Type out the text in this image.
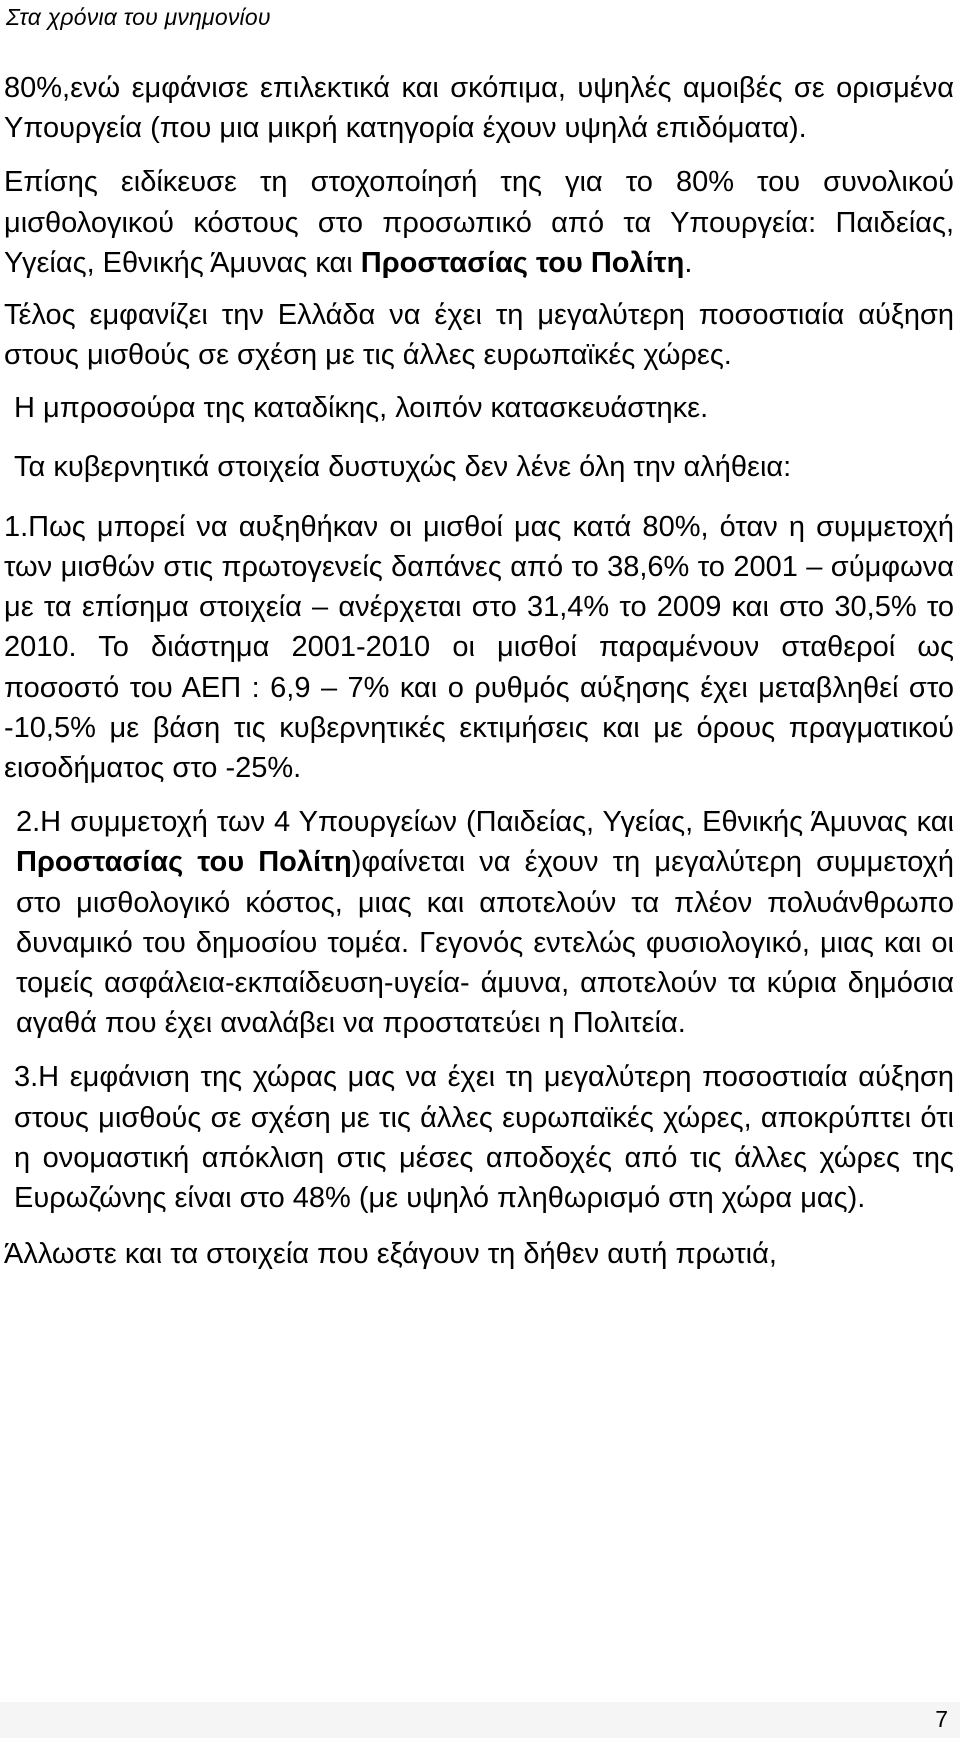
Στα χρόνια του μνημονίου

80%,ενώ εμφάνισε επιλεκτικά και σκόπιμα, υψηλές αμοιβές σε ορισμένα Υπουργεία (που μια μικρή κατηγορία έχουν υψηλά επιδόματα).

Επίσης ειδίκευσε τη στοχοποίησή της για το 80% του συνολικού μισθολογικού κόστους στο προσωπικό από τα Υπουργεία: Παιδείας, Υγείας, Εθνικής Άμυνας και Προστασίας του Πολίτη.

Τέλος εμφανίζει την Ελλάδα να έχει τη μεγαλύτερη ποσοστιαία αύξηση στους μισθούς σε σχέση με τις άλλες ευρωπαϊκές χώρες.

Η μπροσούρα της καταδίκης, λοιπόν κατασκευάστηκε.

Τα κυβερνητικά στοιχεία δυστυχώς δεν λένε όλη την αλήθεια:

1.Πως μπορεί να αυξηθήκαν οι μισθοί μας κατά 80%, όταν η συμμετοχή των μισθών στις πρωτογενείς δαπάνες από το 38,6% το 2001 – σύμφωνα με τα επίσημα στοιχεία – ανέρχεται στο 31,4% το 2009 και στο 30,5% το 2010. Το διάστημα 2001-2010 οι μισθοί παραμένουν σταθεροί ως ποσοστό του ΑΕΠ : 6,9 – 7% και ο ρυθμός αύξησης έχει μεταβληθεί στο -10,5% με βάση τις κυβερνητικές εκτιμήσεις και με όρους πραγματικού εισοδήματος στο -25%.

2.Η συμμετοχή των 4 Υπουργείων (Παιδείας, Υγείας, Εθνικής Άμυνας και Προστασίας του Πολίτη)φαίνεται να έχουν τη μεγαλύτερη συμμετοχή στο μισθολογικό κόστος, μιας και αποτελούν τα πλέον πολυάνθρωπο δυναμικό του δημοσίου τομέα. Γεγονός εντελώς φυσιολογικό, μιας και οι τομείς ασφάλεια-εκπαίδευση-υγεία- άμυνα, αποτελούν τα κύρια δημόσια αγαθά που έχει αναλάβει να προστατεύει η Πολιτεία.

3.Η εμφάνιση της χώρας μας να έχει τη μεγαλύτερη ποσοστιαία αύξηση στους μισθούς σε σχέση με τις άλλες ευρωπαϊκές χώρες, αποκρύπτει ότι η ονομαστική απόκλιση στις μέσες αποδοχές από τις άλλες χώρες της Ευρωζώνης είναι στο 48% (με υψηλό πληθωρισμό στη χώρα μας).

Άλλωστε και τα στοιχεία που εξάγουν τη δήθεν αυτή πρωτιά,

7
